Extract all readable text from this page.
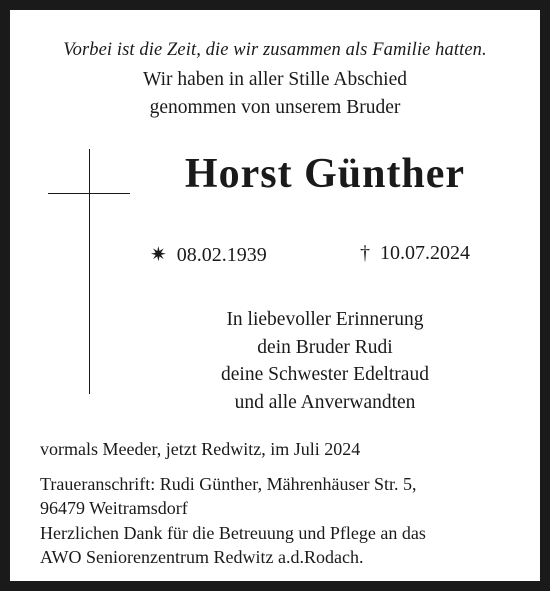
Vorbei ist die Zeit, die wir zusammen als Familie hatten.
Wir haben in aller Stille Abschied
genommen von unserem Bruder
Horst Günther
✷ 08.02.1939	† 10.07.2024
In liebevoller Erinnerung
dein Bruder Rudi
deine Schwester Edeltraud
und alle Anverwandten
vormals Meeder, jetzt Redwitz, im Juli 2024
Traueranschrift: Rudi Günther, Mährenhäuser Str. 5,
96479 Weitramsdorf
Herzlichen Dank für die Betreuung und Pflege an das
AWO Seniorenzentrum Redwitz a.d.Rodach.
